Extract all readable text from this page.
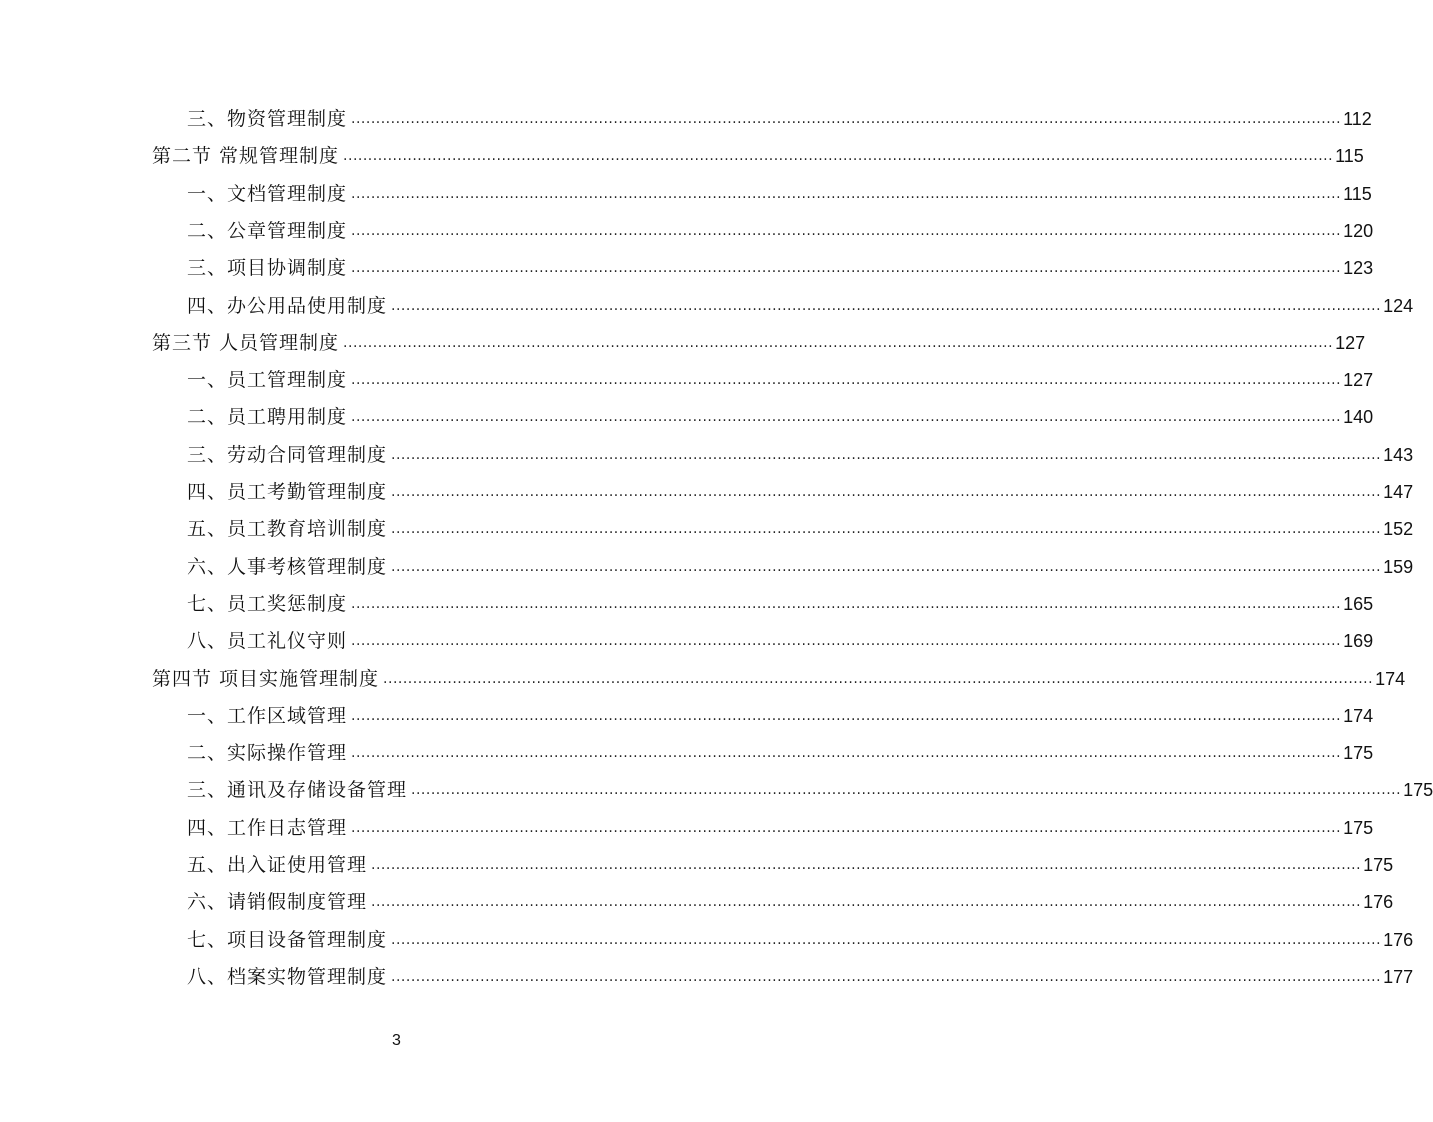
三、物资管理制度 ........................................................................................................................................................................................................ 112
第二节 常规管理制度 ........................................................................................................................................................................................................ 115
一、文档管理制度 ........................................................................................................................................................................................................ 115
二、公章管理制度 ........................................................................................................................................................................................................ 120
三、项目协调制度 ........................................................................................................................................................................................................ 123
四、办公用品使用制度 ........................................................................................................................................................................................................ 124
第三节 人员管理制度 ........................................................................................................................................................................................................ 127
一、员工管理制度 ........................................................................................................................................................................................................ 127
二、员工聘用制度 ........................................................................................................................................................................................................ 140
三、劳动合同管理制度 ........................................................................................................................................................................................................ 143
四、员工考勤管理制度 ........................................................................................................................................................................................................ 147
五、员工教育培训制度 ........................................................................................................................................................................................................ 152
六、人事考核管理制度 ........................................................................................................................................................................................................ 159
七、员工奖惩制度 ........................................................................................................................................................................................................ 165
八、员工礼仪守则 ........................................................................................................................................................................................................ 169
第四节 项目实施管理制度 ........................................................................................................................................................................................................ 174
一、工作区域管理 ........................................................................................................................................................................................................ 174
二、实际操作管理 ........................................................................................................................................................................................................ 175
三、通讯及存储设备管理 ........................................................................................................................................................................................................ 175
四、工作日志管理 ........................................................................................................................................................................................................ 175
五、出入证使用管理 ........................................................................................................................................................................................................ 175
六、请销假制度管理 ........................................................................................................................................................................................................ 176
七、项目设备管理制度 ........................................................................................................................................................................................................ 176
八、档案实物管理制度 ........................................................................................................................................................................................................ 177
3
